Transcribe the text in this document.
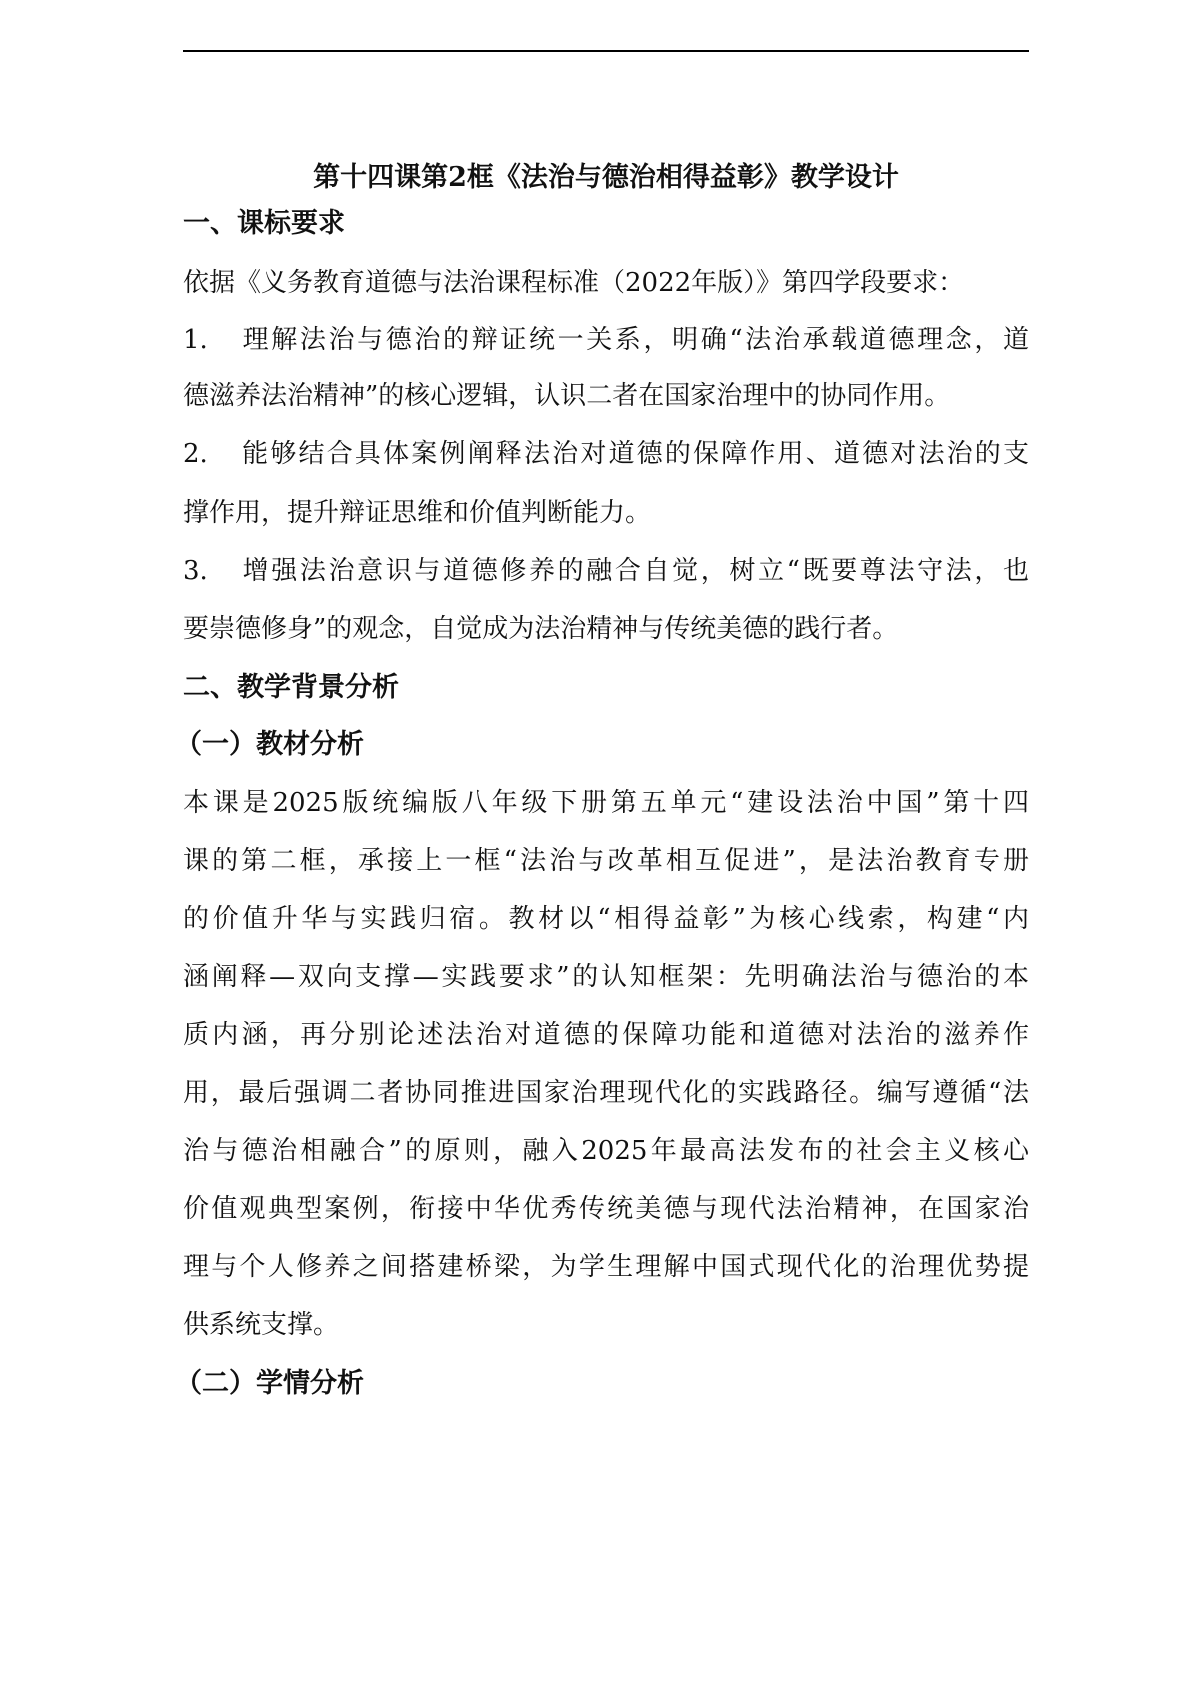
第十四课第2框《法治与德治相得益彰》教学设计
一、课标要求
依据《义务教育道德与法治课程标准（2022年版）》第四学段要求：
1. 理解法治与德治的辩证统一关系，明确“法治承载道德理念，道
德滋养法治精神”的核心逻辑，认识二者在国家治理中的协同作用。
2. 能够结合具体案例阐释法治对道德的保障作用、道德对法治的支
撑作用，提升辩证思维和价值判断能力。
3. 增强法治意识与道德修养的融合自觉，树立“既要尊法守法，也
要崇德修身”的观念，自觉成为法治精神与传统美德的践行者。
二、教学背景分析
（一）教材分析
本课是2025版统编版八年级下册第五单元“建设法治中国”第十四
课的第二框，承接上一框“法治与改革相互促进”，是法治教育专册
的价值升华与实践归宿。教材以“相得益彰”为核心线索，构建“内
涵阐释—双向支撑—实践要求”的认知框架：先明确法治与德治的本
质内涵，再分别论述法治对道德的保障功能和道德对法治的滋养作
用，最后强调二者协同推进国家治理现代化的实践路径。编写遵循“法
治与德治相融合”的原则，融入2025年最高法发布的社会主义核心
价值观典型案例，衔接中华优秀传统美德与现代法治精神，在国家治
理与个人修养之间搭建桥梁，为学生理解中国式现代化的治理优势提
供系统支撑。
（二）学情分析
